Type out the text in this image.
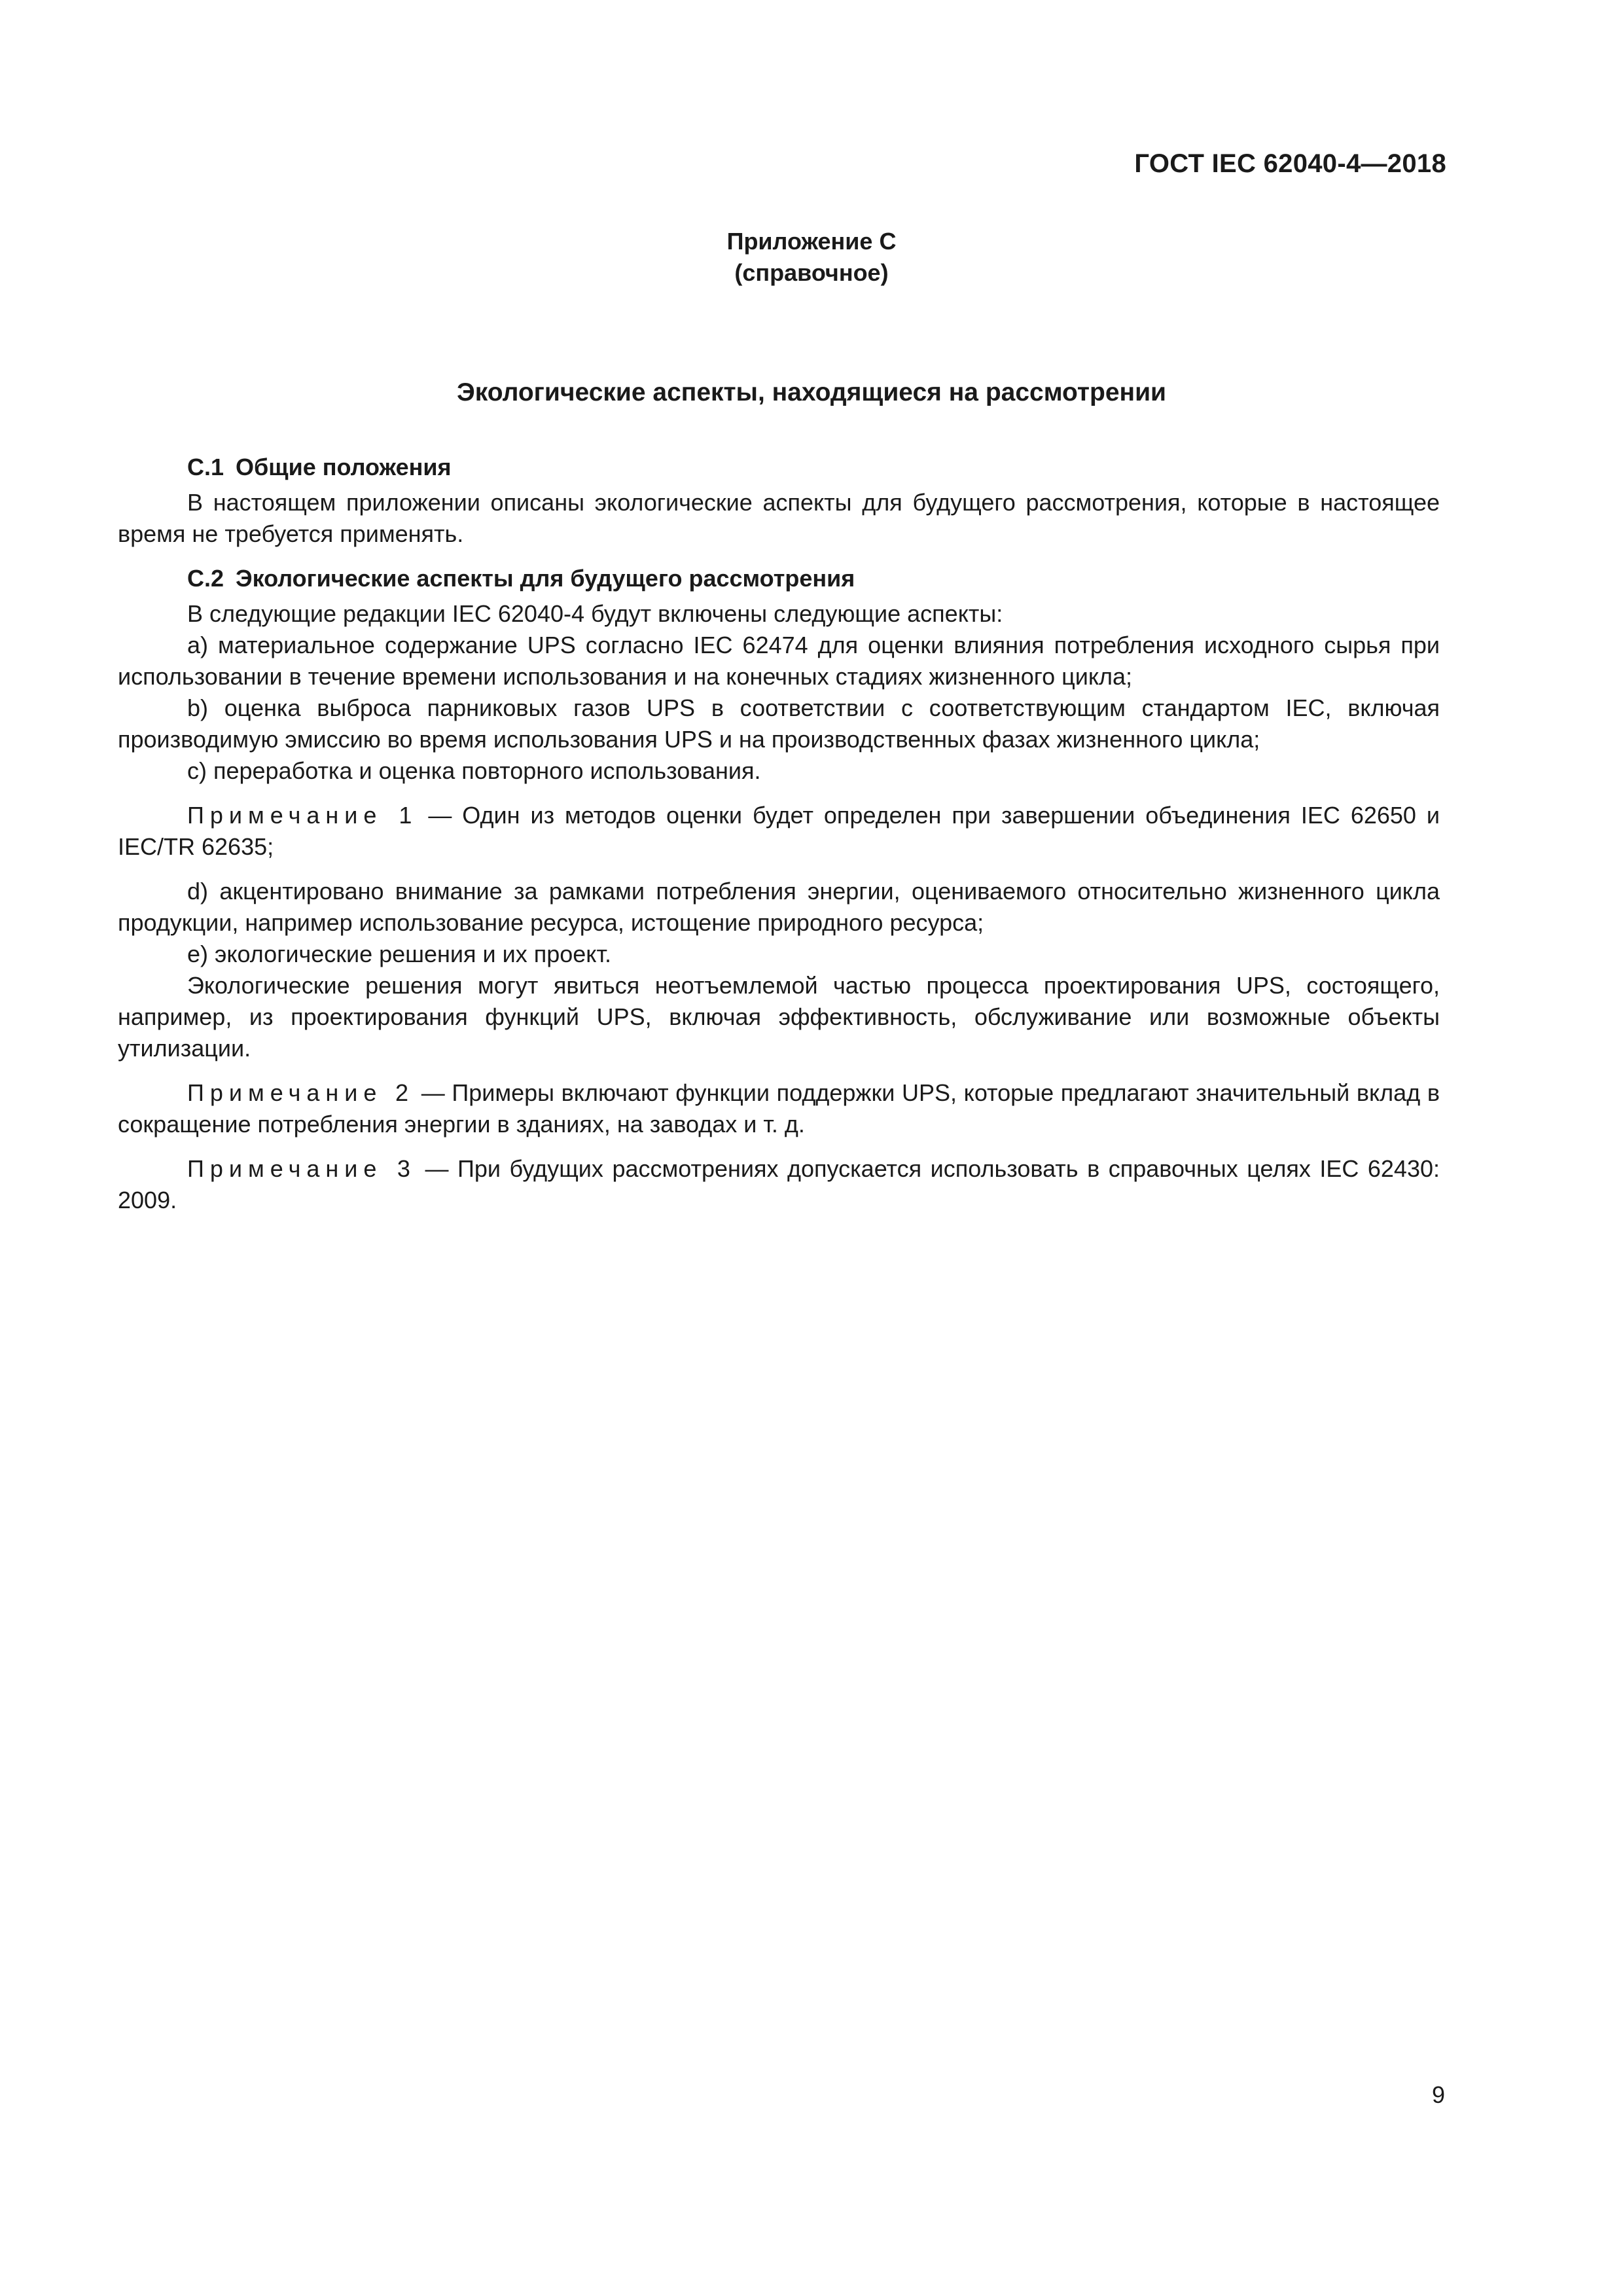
ГОСТ IEC 62040-4—2018
Приложение C
(справочное)
Экологические аспекты, находящиеся на рассмотрении

C.1 Общие положения

В настоящем приложении описаны экологические аспекты для будущего рассмотрения, которые в настоящее время не требуется применять.

C.2 Экологические аспекты для будущего рассмотрения

В следующие редакции IEC 62040-4 будут включены следующие аспекты:

a) материальное содержание UPS согласно IEC 62474 для оценки влияния потребления исходного сырья при использовании в течение времени использования и на конечных стадиях жизненного цикла;

b) оценка выброса парниковых газов UPS в соответствии с соответствующим стандартом IEC, включая производимую эмиссию во время использования UPS и на производственных фазах жизненного цикла;

c) переработка и оценка повторного использования.

Примечание 1 — Один из методов оценки будет определен при завершении объединения IEC 62650 и IEC/TR 62635;

d) акцентировано внимание за рамками потребления энергии, оцениваемого относительно жизненного цикла продукции, например использование ресурса, истощение природного ресурса;

e) экологические решения и их проект.

Экологические решения могут явиться неотъемлемой частью процесса проектирования UPS, состоящего, например, из проектирования функций UPS, включая эффективность, обслуживание или возможные объекты утилизации.

Примечание 2 — Примеры включают функции поддержки UPS, которые предлагают значительный вклад в сокращение потребления энергии в зданиях, на заводах и т. д.

Примечание 3 — При будущих рассмотрениях допускается использовать в справочных целях IEC 62430: 2009.

9
